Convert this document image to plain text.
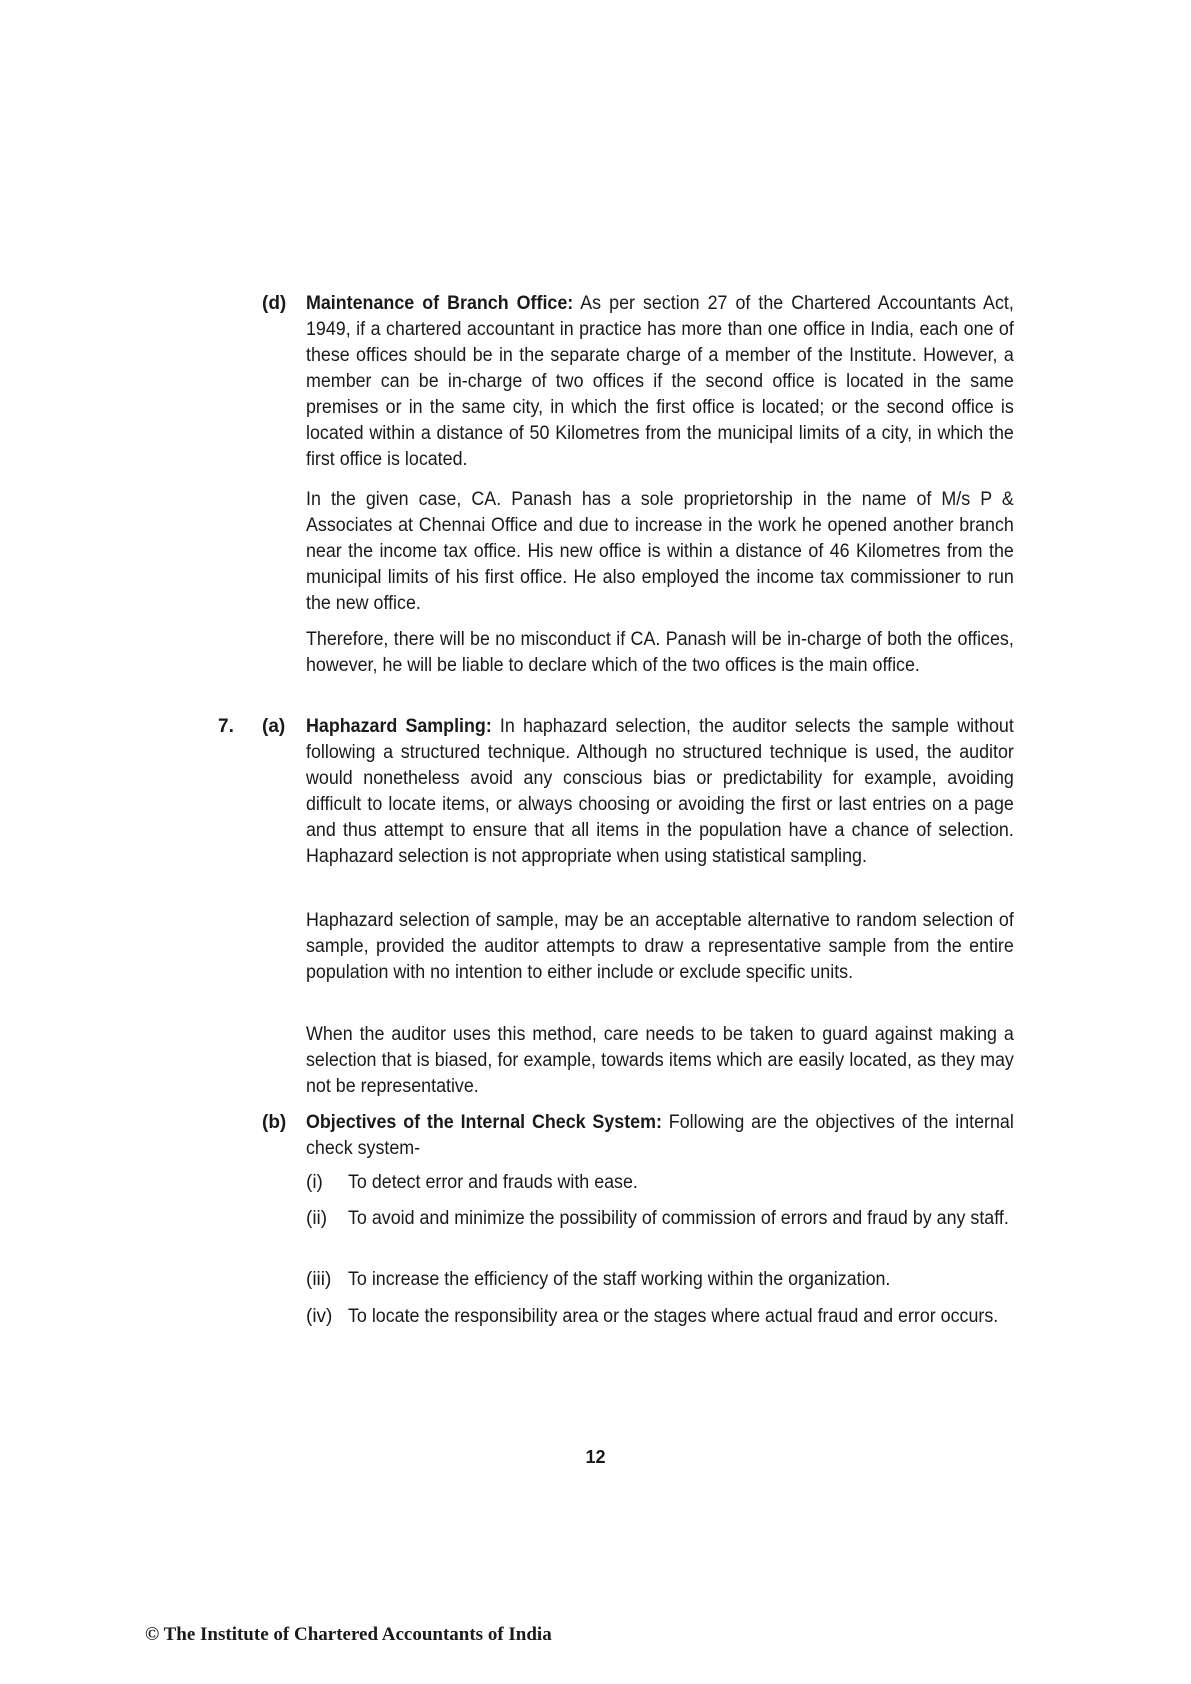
(d) Maintenance of Branch Office: As per section 27 of the Chartered Accountants Act, 1949, if a chartered accountant in practice has more than one office in India, each one of these offices should be in the separate charge of a member of the Institute. However, a member can be in-charge of two offices if the second office is located in the same premises or in the same city, in which the first office is located; or the second office is located within a distance of 50 Kilometres from the municipal limits of a city, in which the first office is located.
In the given case, CA. Panash has a sole proprietorship in the name of M/s P & Associates at Chennai Office and due to increase in the work he opened another branch near the income tax office. His new office is within a distance of 46 Kilometres from the municipal limits of his first office. He also employed the income tax commissioner to run the new office.
Therefore, there will be no misconduct if CA. Panash will be in-charge of both the offices, however, he will be liable to declare which of the two offices is the main office.
7. (a) Haphazard Sampling: In haphazard selection, the auditor selects the sample without following a structured technique. Although no structured technique is used, the auditor would nonetheless avoid any conscious bias or predictability for example, avoiding difficult to locate items, or always choosing or avoiding the first or last entries on a page and thus attempt to ensure that all items in the population have a chance of selection. Haphazard selection is not appropriate when using statistical sampling.
Haphazard selection of sample, may be an acceptable alternative to random selection of sample, provided the auditor attempts to draw a representative sample from the entire population with no intention to either include or exclude specific units.
When the auditor uses this method, care needs to be taken to guard against making a selection that is biased, for example, towards items which are easily located, as they may not be representative.
(b) Objectives of the Internal Check System: Following are the objectives of the internal check system-
(i) To detect error and frauds with ease.
(ii) To avoid and minimize the possibility of commission of errors and fraud by any staff.
(iii) To increase the efficiency of the staff working within the organization.
(iv) To locate the responsibility area or the stages where actual fraud and error occurs.
12
© The Institute of Chartered Accountants of India
